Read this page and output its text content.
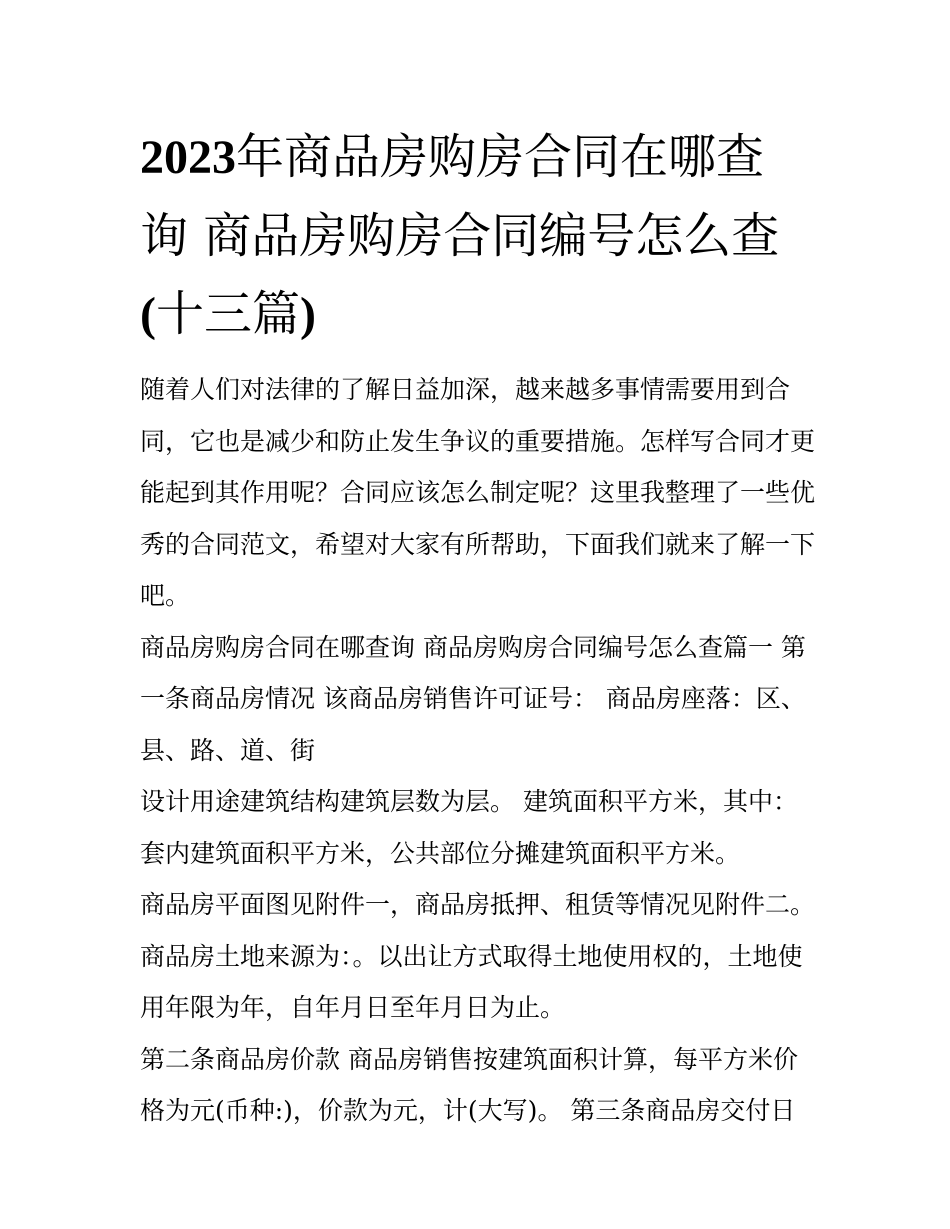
2023年商品房购房合同在哪查
询 商品房购房合同编号怎么查
(十三篇)
随着人们对法律的了解日益加深，越来越多事情需要用到合
同，它也是减少和防止发生争议的重要措施。怎样写合同才更
能起到其作用呢？合同应该怎么制定呢？这里我整理了一些优
秀的合同范文，希望对大家有所帮助，下面我们就来了解一下
吧。
商品房购房合同在哪查询 商品房购房合同编号怎么查篇一 第
一条商品房情况 该商品房销售许可证号： 商品房座落：区、
县、路、道、街
设计用途建筑结构建筑层数为层。 建筑面积平方米，其中：
套内建筑面积平方米，公共部位分摊建筑面积平方米。
商品房平面图见附件一，商品房抵押、租赁等情况见附件二。
商品房土地来源为：。以出让方式取得土地使用权的，土地使
用年限为年，自年月日至年月日为止。
第二条商品房价款 商品房销售按建筑面积计算，每平方米价
格为元(币种:)，价款为元，计(大写)。 第三条商品房交付日
